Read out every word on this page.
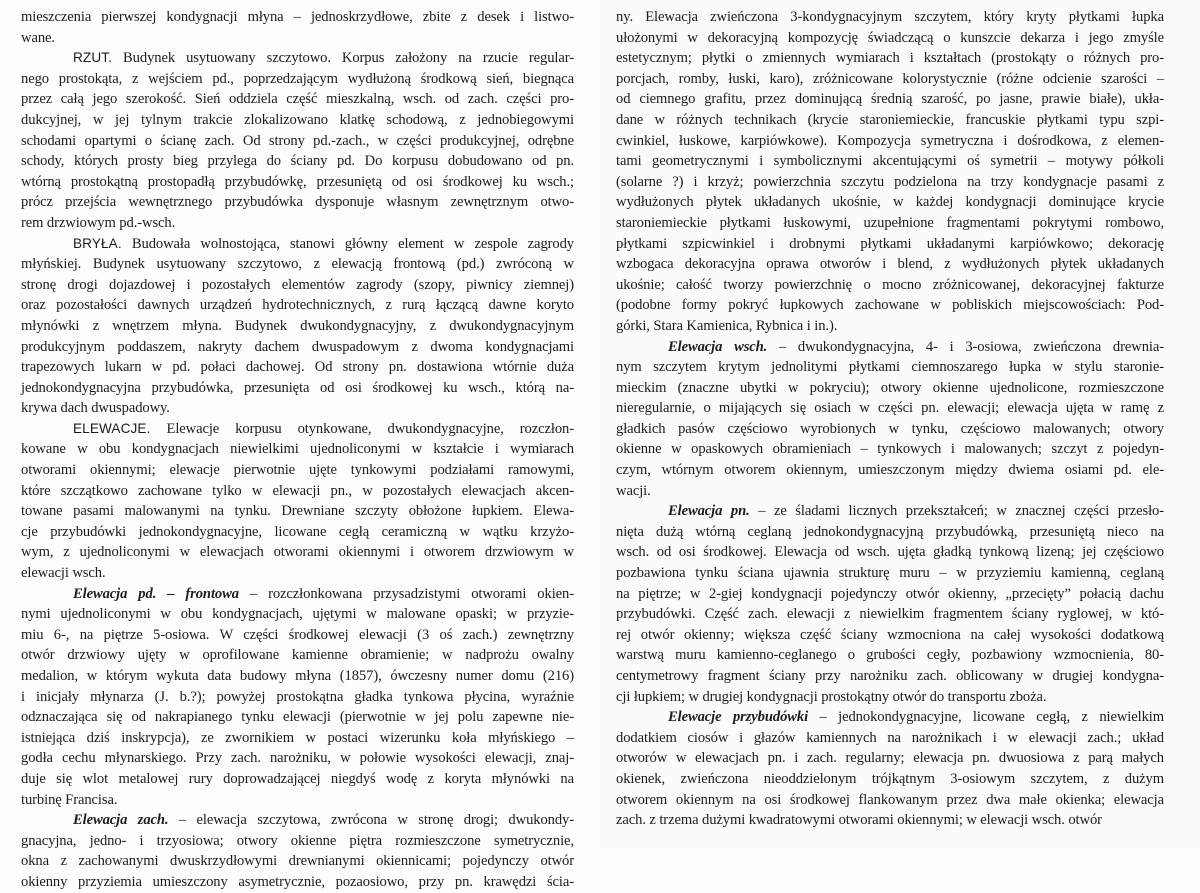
mieszczenia pierwszej kondygnacji młyna – jednoskrzydłowe, zbite z desek i listwo-
wane.
RZUT. Budynek usytuowany szczytowo. Korpus założony na rzucie regular-
nego prostokąta, z wejściem pd., poprzedzającym wydłużoną środkową sień, biegnąca
przez całą jego szerokość. Sień oddziela część mieszkalną, wsch. od zach. części pro-
dukcyjnej, w jej tylnym trakcie zlokalizowano klatkę schodową, z jednobiegowymi
schodami opartymi o ścianę zach. Od strony pd.-zach., w części produkcyjnej, odrębne
schody, których prosty bieg przylega do ściany pd. Do korpusu dobudowano od pn.
wtórną prostokątną prostopadłą przybudówkę, przesuniętą od osi środkowej ku wsch.;
prócz przejścia wewnętrznego przybudówka dysponuje własnym zewnętrznym otwo-
rem drzwiowym pd.-wsch.
BRYŁA. Budowała wolnostojąca, stanowi główny element w zespole zagrody
młyńskiej. Budynek usytuowany szczytowo, z elewacją frontową (pd.) zwróconą w
stronę drogi dojazdowej i pozostałych elementów zagrody (szopy, piwnicy ziemnej)
oraz pozostałości dawnych urządzeń hydrotechnicznych, z rurą łączącą dawne koryto
młynówki z wnętrzem młyna. Budynek dwukondygnacyjny, z dwukondygnacyjnym
produkcyjnym poddaszem, nakryty dachem dwuspadowym z dwoma kondygnacjami
trapezowych lukarn w pd. połaci dachowej. Od strony pn. dostawiona wtórnie duża
jednokondygnacyjna przybudówka, przesunięta od osi środkowej ku wsch., którą na-
krywa dach dwuspadowy.
ELEWACJE. Elewacje korpusu otynkowane, dwukondygnacyjne, rozczłon-
kowane w obu kondygnacjach niewielkimi ujednoliconymi w kształcie i wymiarach
otworami okiennymi; elewacje pierwotnie ujęte tynkowymi podziałami ramowymi,
które szczątkowo zachowane tylko w elewacji pn., w pozostałych elewacjach akcen-
towane pasami malowanymi na tynku. Drewniane szczyty obłożone łupkiem. Elewa-
cje przybudówki jednokondygnacyjne, licowane cegłą ceramiczną w wątku krzyżo-
wym, z ujednoliconymi w elewacjach otworami okiennymi i otworem drzwiowym w
elewacji wsch.
Elewacja pd. – frontowa – rozczłonkowana przysadzistymi otworami okien-
nymi ujednoliconymi w obu kondygnacjach, ujętymi w malowane opaski; w przyzie-
miu 6-, na piętrze 5-osiowa. W części środkowej elewacji (3 oś zach.) zewnętrzny
otwór drzwiowy ujęty w oprofilowane kamienne obramienie; w nadprożu owalny
medalion, w którym wykuta data budowy młyna (1857), ówczesny numer domu (216)
i inicjały młynarza (J. b.?); powyżej prostokątna gładka tynkowa płycina, wyraźnie
odznaczająca się od nakrapianego tynku elewacji (pierwotnie w jej polu zapewne nie-
istniejąca dziś inskrypcja), ze zwornikiem w postaci wizerunku koła młyńskiego –
godła cechu młynarskiego. Przy zach. narożniku, w połowie wysokości elewacji, znaj-
duje się wlot metalowej rury doprowadzającej niegdyś wodę z koryta młynówki na
turbinę Francisa.
Elewacja zach. – elewacja szczytowa, zwrócona w stronę drogi; dwukondy-
gnacyjna, jedno- i trzyosiowa; otwory okienne piętra rozmieszczone symetrycznie,
okna z zachowanymi dwuskrzydłowymi drewnianymi okiennicami; pojedynczy otwór
okienny przyziemia umieszczony asymetrycznie, pozaosiowo, przy pn. krawędzi ścia-
ny. Elewacja zwieńczona 3-kondygnacyjnym szczytem, który kryty płytkami łupka
ułożonymi w dekoracyjną kompozycję świadczącą o kunszcie dekarza i jego zmyśle
estetycznym; płytki o zmiennych wymiarach i kształtach (prostokąty o różnych pro-
porcjach, romby, łuski, karo), zróżnicowane kolorystycznie (różne odcienie szarości –
od ciemnego grafitu, przez dominującą średnią szarość, po jasne, prawie białe), ukła-
dane w różnych technikach (krycie staroniemieckie, francuskie płytkami typu szpi-
cwinkiel, łuskowe, karpiówkowe). Kompozycja symetryczna i dośrodkowa, z elemen-
tami geometrycznymi i symbolicznymi akcentującymi oś symetrii – motywy półkoli
(solarne ?) i krzyż; powierzchnia szczytu podzielona na trzy kondygnacje pasami z
wydłużonych płytek układanych ukośnie, w każdej kondygnacji dominujące krycie
staroniemieckie płytkami łuskowymi, uzupełnione fragmentami pokrytymi rombowo,
płytkami szpicwinkiel i drobnymi płytkami układanymi karpiówkowo; dekorację
wzbogaca dekoracyjna oprawa otworów i blend, z wydłużonych płytek układanych
ukośnie; całość tworzy powierzchnię o mocno zróżnicowanej, dekoracyjnej fakturze
(podobne formy pokryć łupkowych zachowane w pobliskich miejscowościach: Pod-
górki, Stara Kamienica, Rybnica i in.).
Elewacja wsch. – dwukondygnacyjna, 4- i 3-osiowa, zwieńczona drewnia-
nym szczytem krytym jednolitymi płytkami ciemnoszarego łupka w stylu staronie-
mieckim (znaczne ubytki w pokryciu); otwory okienne ujednolicone, rozmieszczone
nieregularnie, o mijających się osiach w części pn. elewacji; elewacja ujęta w ramę z
gładkich pasów częściowo wyrobionych w tynku, częściowo malowanych; otwory
okienne w opaskowych obramieniach – tynkowych i malowanych; szczyt z pojedyn-
czym, wtórnym otworem okiennym, umieszczonym między dwiema osiami pd. ele-
wacji.
Elewacja pn. – ze śladami licznych przekształceń; w znacznej części przesło-
nięta dużą wtórną ceglaną jednokondygnacyjną przybudówką, przesuniętą nieco na
wsch. od osi środkowej. Elewacja od wsch. ujęta gładką tynkową lizeną; jej częściowo
pozbawiona tynku ściana ujawnia strukturę muru – w przyziemiu kamienną, ceglaną
na piętrze; w 2-giej kondygnacji pojedynczy otwór okienny, „przecięty” połacią dachu
przybudówki. Część zach. elewacji z niewielkim fragmentem ściany ryglowej, w któ-
rej otwór okienny; większa część ściany wzmocniona na całej wysokości dodatkową
warstwą muru kamienno-ceglanego o grubości cegły, pozbawiony wzmocnienia, 80-
centymetrowy fragment ściany przy narożniku zach. oblicowany w drugiej kondygna-
cji łupkiem; w drugiej kondygnacji prostokątny otwór do transportu zboża.
Elewacje przybudówki – jednokondygnacyjne, licowane cegłą, z niewielkim
dodatkiem ciosów i głazów kamiennych na narożnikach i w elewacji zach.; układ
otworów w elewacjach pn. i zach. regularny; elewacja pn. dwuosiowa z parą małych
okienek, zwieńczona nieoddzielonym trójkątnym 3-osiowym szczytem, z dużym
otworem okiennym na osi środkowej flankowanym przez dwa małe okienka; elewacja
zach. z trzema dużymi kwadratowymi otworami okiennymi; w elewacji wsch. otwór
